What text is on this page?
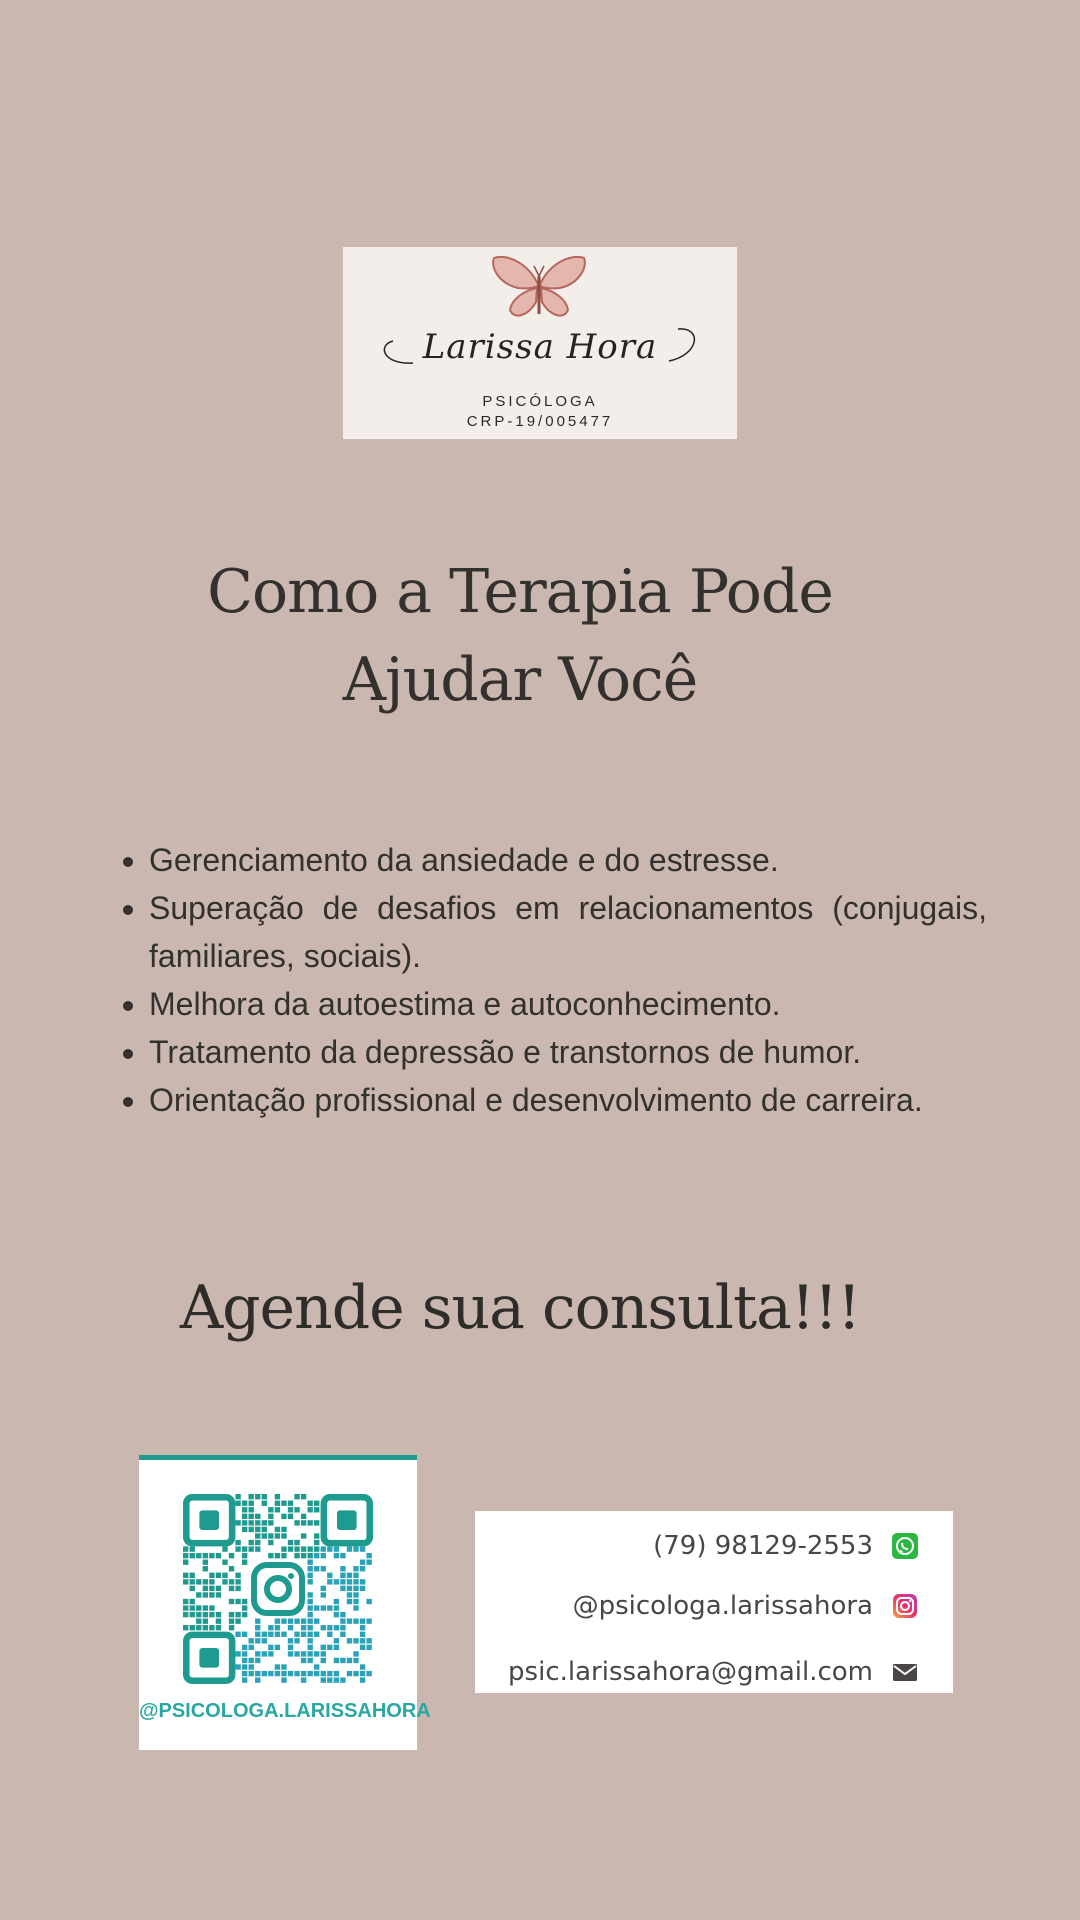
Larissa Hora
PSICÓLOGA
CRP-19/005477
Como a Terapia Pode
Ajudar Você
• Gerenciamento da ansiedade e do estresse.
• Superação de desafios em relacionamentos (conjugais, familiares, sociais).
• Melhora da autoestima e autoconhecimento.
• Tratamento da depressão e transtornos de humor.
• Orientação profissional e desenvolvimento de carreira.
Agende sua consulta!!!
@PSICOLOGA.LARISSAHORA
(79) 98129-2553
@psicologa.larissahora
psic.larissahora@gmail.com
